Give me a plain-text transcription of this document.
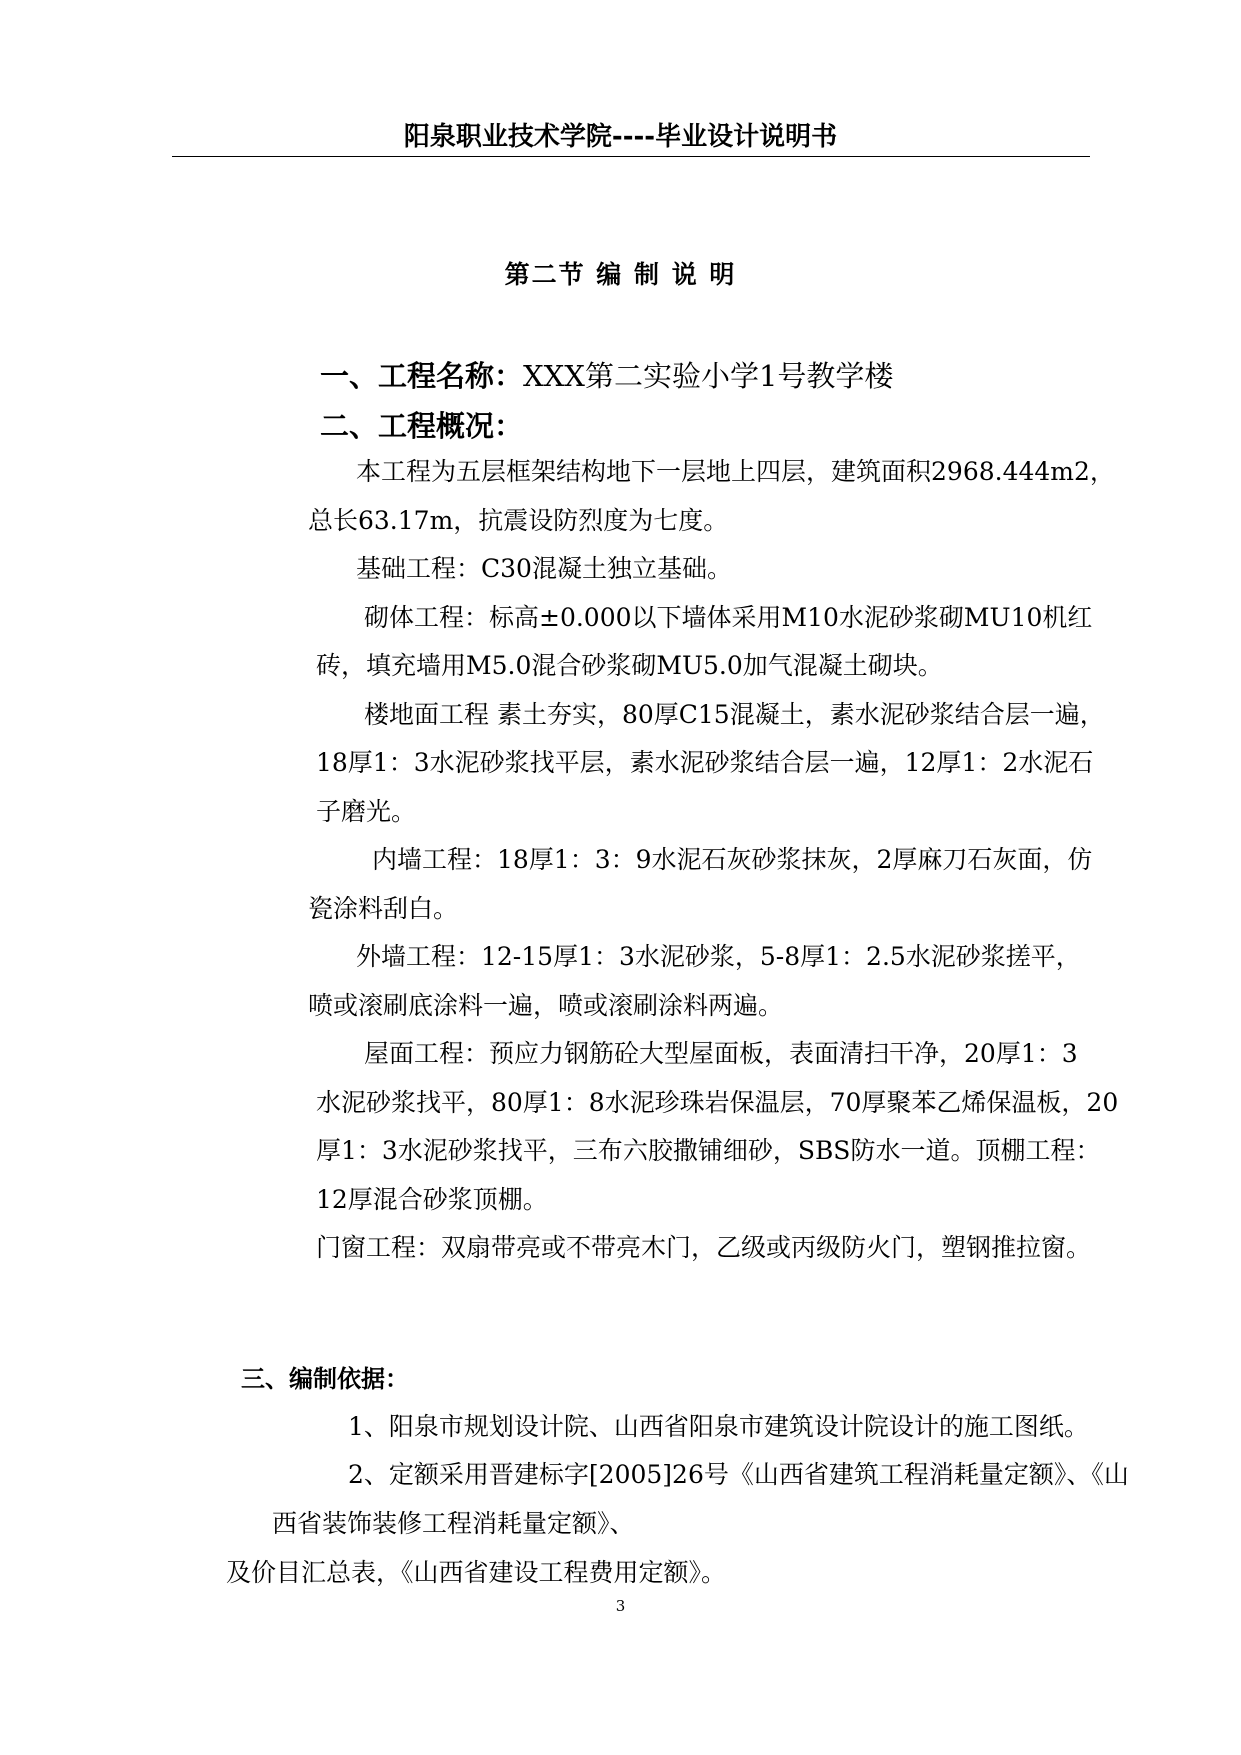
阳泉职业技术学院----毕业设计说明书
第二节 编 制 说 明
一、工程名称：XXX第二实验小学1号教学楼
二、工程概况：
本工程为五层框架结构地下一层地上四层，建筑面积2968.444m2，
总长63.17m，抗震设防烈度为七度。
基础工程：C30混凝土独立基础。
砌体工程：标高±0.000以下墙体采用M10水泥砂浆砌MU10机红
砖，填充墙用M5.0混合砂浆砌MU5.0加气混凝土砌块。
楼地面工程 素土夯实，80厚C15混凝土，素水泥砂浆结合层一遍，
18厚1：3水泥砂浆找平层，素水泥砂浆结合层一遍，12厚1：2水泥石
子磨光。
内墙工程：18厚1：3：9水泥石灰砂浆抹灰，2厚麻刀石灰面，仿
瓷涂料刮白。
外墙工程：12-15厚1：3水泥砂浆，5-8厚1：2.5水泥砂浆搓平，
喷或滚刷底涂料一遍，喷或滚刷涂料两遍。
屋面工程：预应力钢筋砼大型屋面板，表面清扫干净，20厚1：3
水泥砂浆找平，80厚1：8水泥珍珠岩保温层，70厚聚苯乙烯保温板，20
厚1：3水泥砂浆找平，三布六胶撒铺细砂，SBS防水一道。顶棚工程：
12厚混合砂浆顶棚。
门窗工程：双扇带亮或不带亮木门，乙级或丙级防火门，塑钢推拉窗。
三、编制依据：
1、阳泉市规划设计院、山西省阳泉市建筑设计院设计的施工图纸。
2、定额采用晋建标字[2005]26号《山西省建筑工程消耗量定额》、《山
西省装饰装修工程消耗量定额》、
及价目汇总表，《山西省建设工程费用定额》。
3
